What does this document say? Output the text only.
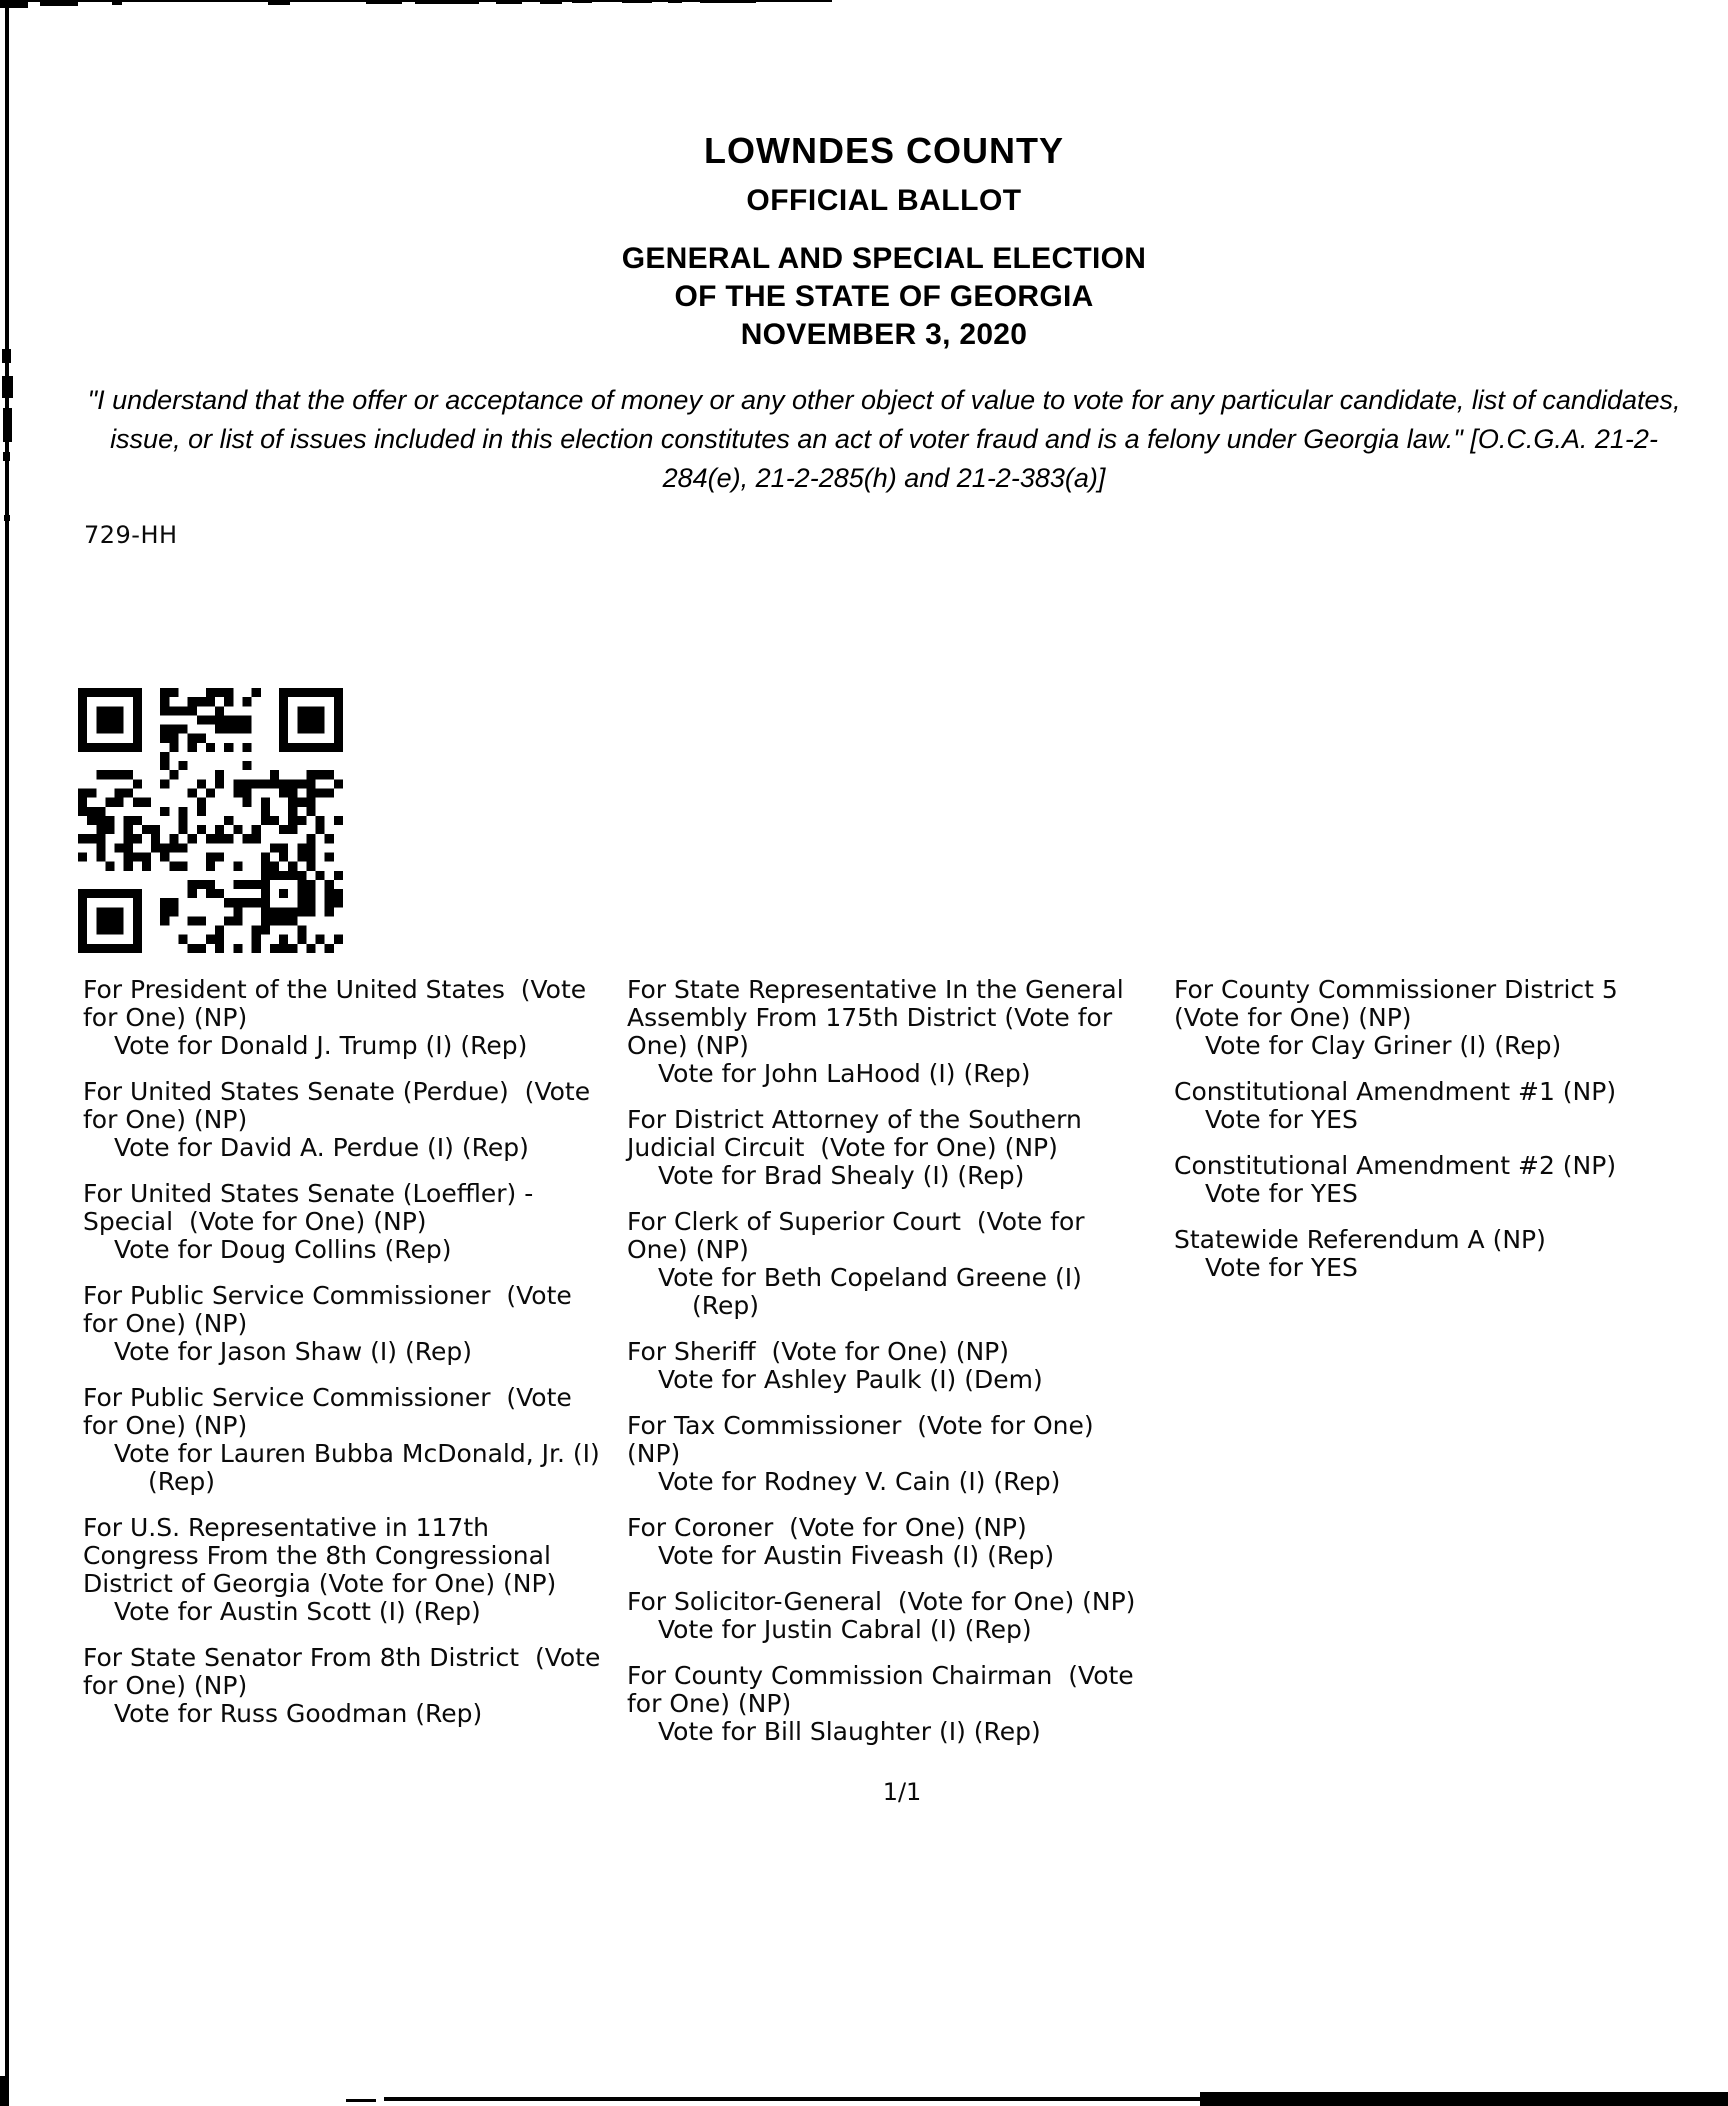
LOWNDES COUNTY
OFFICIAL BALLOT
GENERAL AND SPECIAL ELECTION
OF THE STATE OF GEORGIA
NOVEMBER 3, 2020
"I understand that the offer or acceptance of money or any other object of value to vote for any particular candidate, list of candidates, issue, or list of issues included in this election constitutes an act of voter fraud and is a felony under Georgia law." [O.C.G.A. 21-2-284(e), 21-2-285(h) and 21-2-383(a)]
729-HH
For President of the United States  (Vote for One) (NP)
Vote for Donald J. Trump (I) (Rep)
For United States Senate (Perdue)  (Vote for One) (NP)
Vote for David A. Perdue (I) (Rep)
For United States Senate (Loeffler) - Special  (Vote for One) (NP)
Vote for Doug Collins (Rep)
For Public Service Commissioner  (Vote for One) (NP)
Vote for Jason Shaw (I) (Rep)
For Public Service Commissioner  (Vote for One) (NP)
Vote for Lauren Bubba McDonald, Jr. (I) (Rep)
For U.S. Representative in 117th Congress From the 8th Congressional District of Georgia (Vote for One) (NP)
Vote for Austin Scott (I) (Rep)
For State Senator From 8th District  (Vote for One) (NP)
Vote for Russ Goodman (Rep)
For State Representative In the General Assembly From 175th District (Vote for One) (NP)
Vote for John LaHood (I) (Rep)
For District Attorney of the Southern Judicial Circuit  (Vote for One) (NP)
Vote for Brad Shealy (I) (Rep)
For Clerk of Superior Court  (Vote for One) (NP)
Vote for Beth Copeland Greene (I) (Rep)
For Sheriff  (Vote for One) (NP)
Vote for Ashley Paulk (I) (Dem)
For Tax Commissioner  (Vote for One) (NP)
Vote for Rodney V. Cain (I) (Rep)
For Coroner  (Vote for One) (NP)
Vote for Austin Fiveash (I) (Rep)
For Solicitor-General  (Vote for One) (NP)
Vote for Justin Cabral (I) (Rep)
For County Commission Chairman  (Vote for One) (NP)
Vote for Bill Slaughter (I) (Rep)
For County Commissioner District 5  (Vote for One) (NP)
Vote for Clay Griner (I) (Rep)
Constitutional Amendment #1 (NP)
Vote for YES
Constitutional Amendment #2 (NP)
Vote for YES
Statewide Referendum A (NP)
Vote for YES
1/1
